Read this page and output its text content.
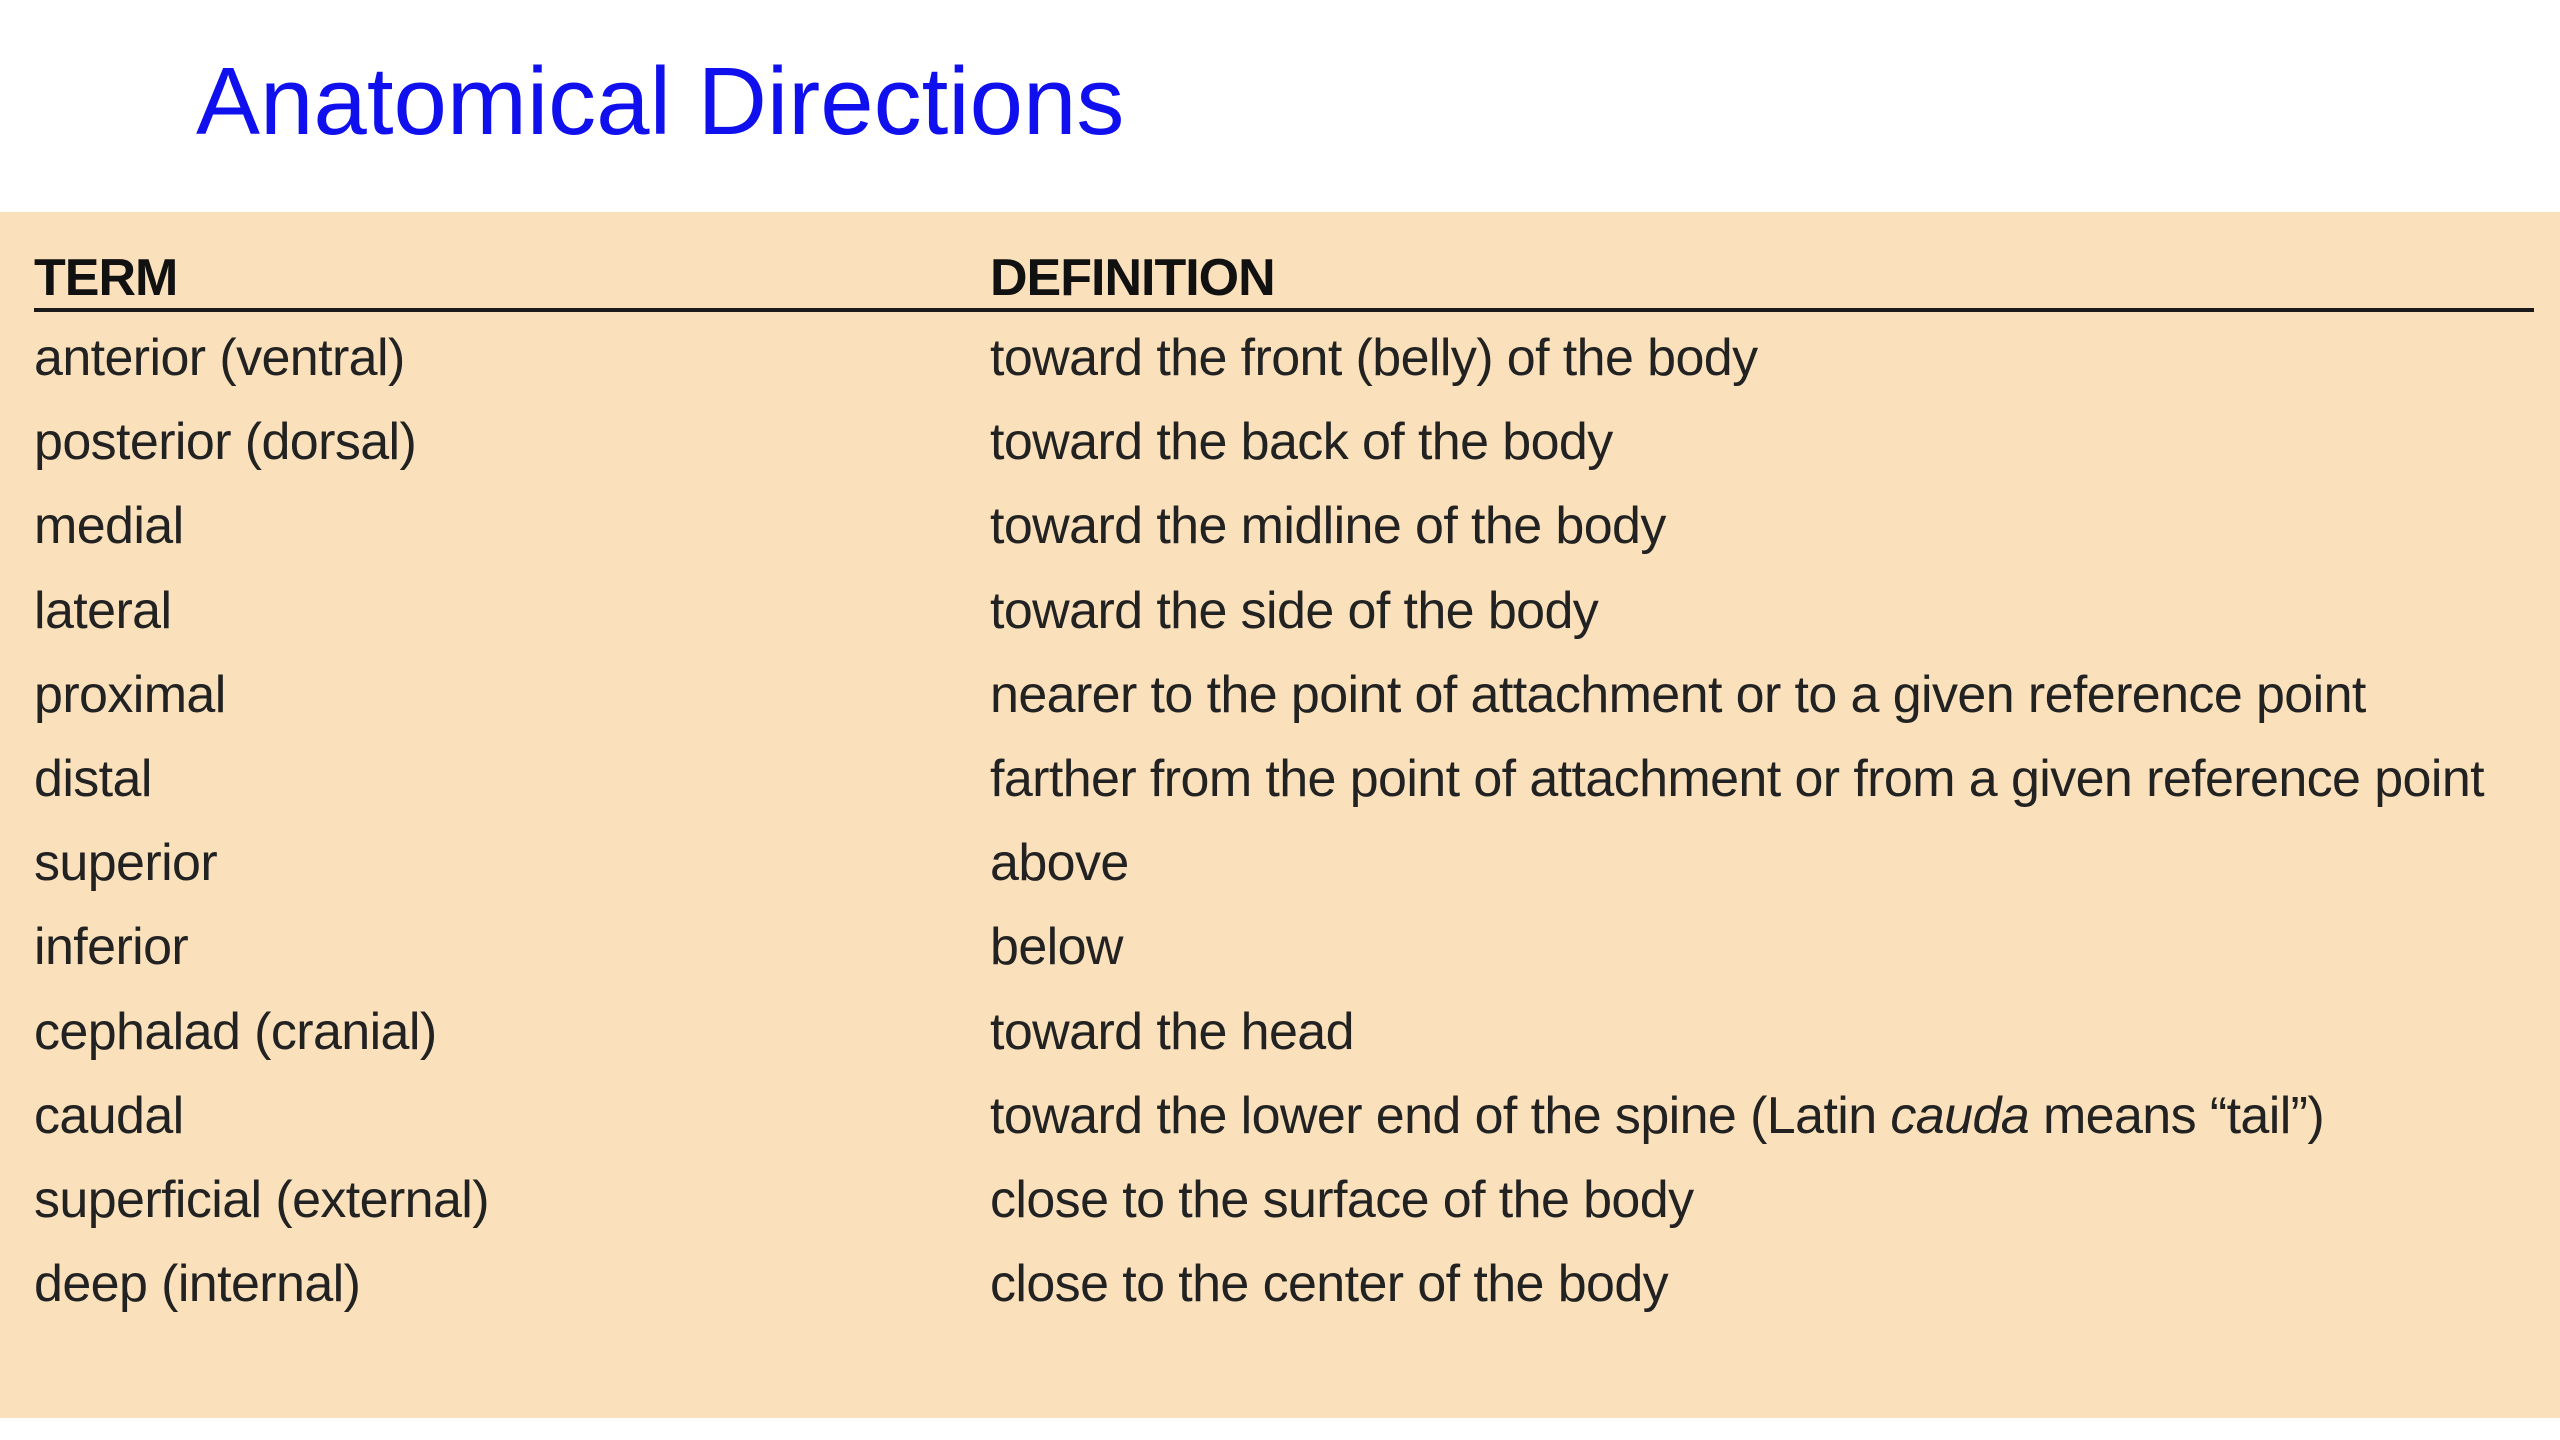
Anatomical Directions
TERM	DEFINITION
anterior (ventral)	toward the front (belly) of the body
posterior (dorsal)	toward the back of the body
medial	toward the midline of the body
lateral	toward the side of the body
proximal	nearer to the point of attachment or to a given reference point
distal	farther from the point of attachment or from a given reference point
superior	above
inferior	below
cephalad (cranial)	toward the head
caudal	toward the lower end of the spine (Latin cauda means “tail”)
superficial (external)	close to the surface of the body
deep (internal)	close to the center of the body
